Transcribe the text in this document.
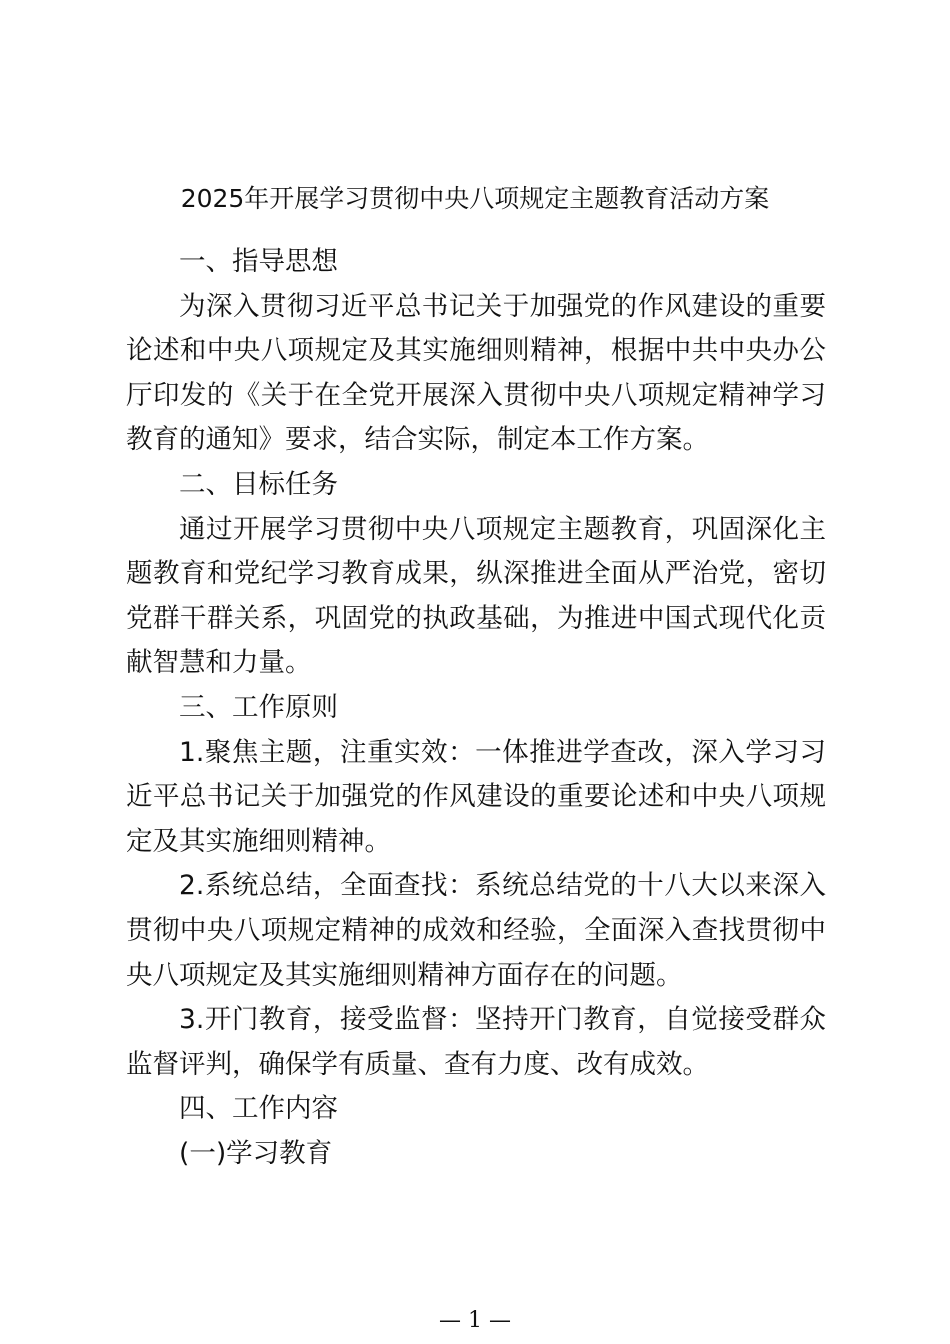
2025年开展学习贯彻中央八项规定主题教育活动方案

一、指导思想

为深入贯彻习近平总书记关于加强党的作风建设的重要论述和中央八项规定及其实施细则精神，根据中共中央办公厅印发的《关于在全党开展深入贯彻中央八项规定精神学习教育的通知》要求，结合实际，制定本工作方案。

二、目标任务

通过开展学习贯彻中央八项规定主题教育，巩固深化主题教育和党纪学习教育成果，纵深推进全面从严治党，密切党群干群关系，巩固党的执政基础，为推进中国式现代化贡献智慧和力量。

三、工作原则

1.聚焦主题，注重实效：一体推进学查改，深入学习习近平总书记关于加强党的作风建设的重要论述和中央八项规定及其实施细则精神。

2.系统总结，全面查找：系统总结党的十八大以来深入贯彻中央八项规定精神的成效和经验，全面深入查找贯彻中央八项规定及其实施细则精神方面存在的问题。

3.开门教育，接受监督：坚持开门教育，自觉接受群众监督评判，确保学有质量、查有力度、改有成效。

四、工作内容

(一)学习教育

— 1 —
